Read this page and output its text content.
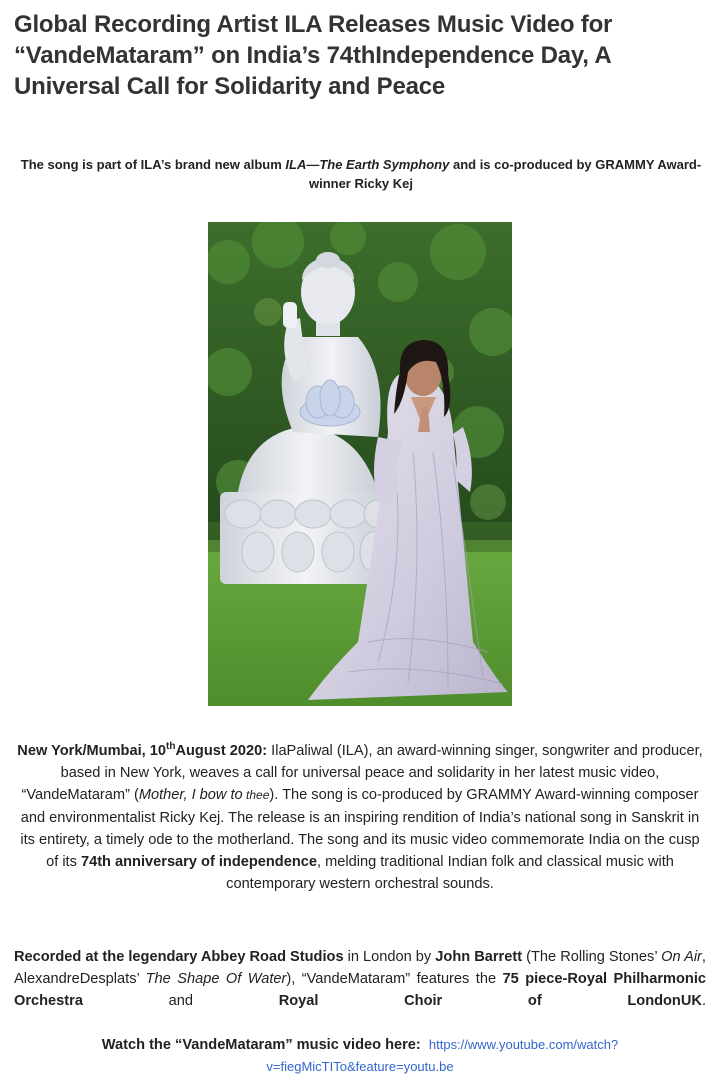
Global Recording Artist ILA Releases Music Video for “VandeMataram” on India’s 74thIndependence Day, A Universal Call for Solidarity and Peace

The song is part of ILA’s brand new album ILA—The Earth Symphony and is co-produced by GRAMMY Award-winner Ricky Kej

New York/Mumbai, 10thAugust 2020: IlaPaliwal (ILA), an award-winning singer, songwriter and producer, based in New York, weaves a call for universal peace and solidarity in her latest music video, “VandeMataram” (Mother, I bow to thee). The song is co-produced by GRAMMY Award-winning composer and environmentalist Ricky Kej. The release is an inspiring rendition of India’s national song in Sanskrit in its entirety, a timely ode to the motherland. The song and its music video commemorate India on the cusp of its 74th anniversary of independence, melding traditional Indian folk and classical music with contemporary western orchestral sounds.

Recorded at the legendary Abbey Road Studios in London by John Barrett (The Rolling Stones’ On Air, AlexandreDesplats’ The Shape Of Water), “VandeMataram” features the 75 piece-Royal Philharmonic Orchestra and Royal Choir of LondonUK.

Watch the “VandeMataram” music video here: https://www.youtube.com/watch?
v=fiegMicTITo&feature=youtu.be
